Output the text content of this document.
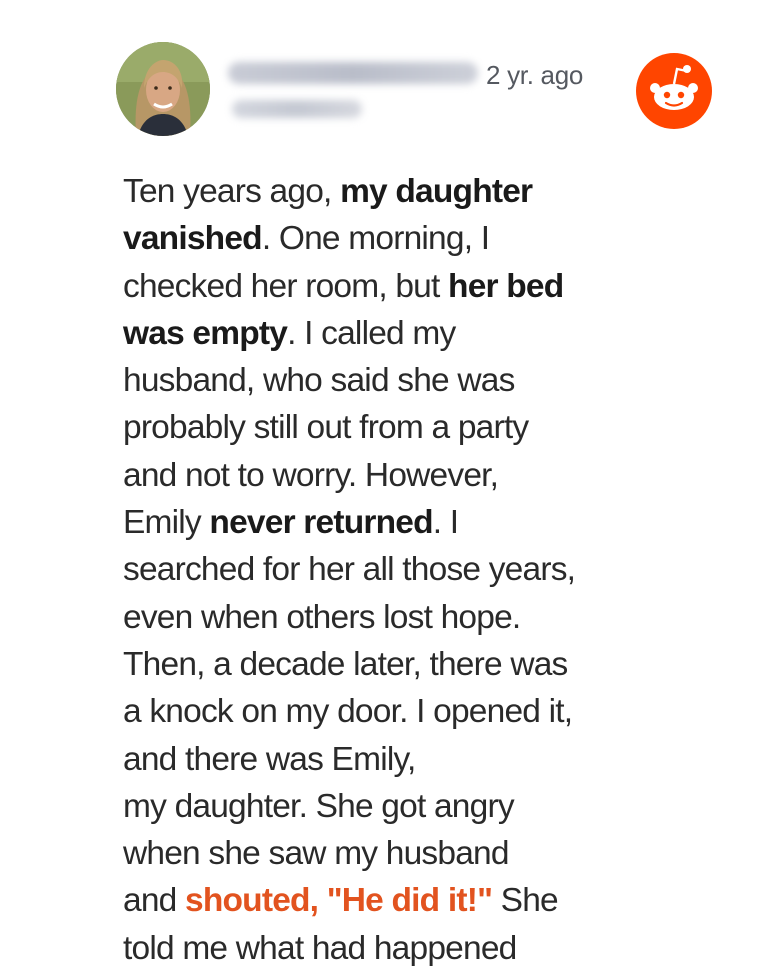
2 yr. ago
Ten years ago, my daughter
vanished. One morning, I
checked her room, but her bed
was empty. I called my
husband, who said she was
probably still out from a party
and not to worry. However,
Emily never returned. I
searched for her all those years,
even when others lost hope.
Then, a decade later, there was
a knock on my door. I opened it,
and there was Emily,
my daughter. She got angry
when she saw my husband
and shouted, "He did it!" She
told me what had happened
